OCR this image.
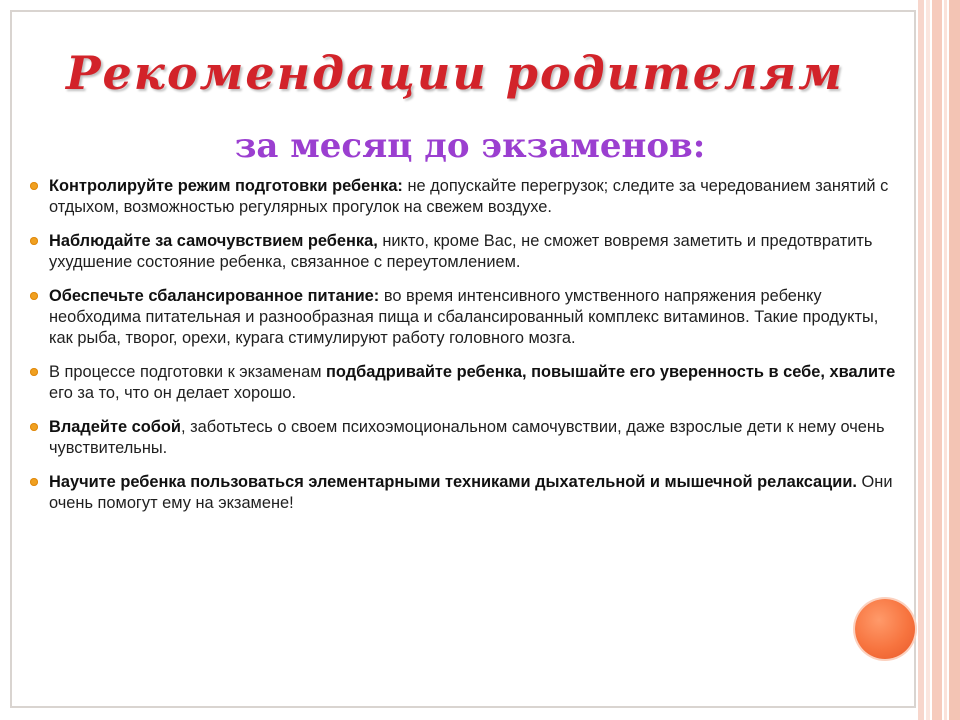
Рекомендации родителям
за месяц до экзаменов:
Контролируйте режим подготовки ребенка: не допускайте перегрузок; следите за чередованием занятий с отдыхом, возможностью регулярных прогулок на свежем воздухе.
Наблюдайте за самочувствием ребенка, никто, кроме Вас, не сможет вовремя заметить и предотвратить ухудшение состояние ребенка, связанное с переутомлением.
Обеспечьте сбалансированное питание: во время интенсивного умственного напряжения ребенку необходима питательная и разнообразная пища и сбалансированный комплекс витаминов. Такие продукты, как рыба, творог, орехи, курага стимулируют работу головного мозга.
В процессе подготовки к экзаменам подбадривайте ребенка, повышайте его уверенность в себе, хвалите его за то, что он делает хорошо.
Владейте собой, заботьтесь о своем психоэмоциональном самочувствии, даже взрослые дети к нему очень чувствительны.
Научите ребенка пользоваться элементарными техниками дыхательной и мышечной релаксации. Они очень помогут ему на экзамене!
